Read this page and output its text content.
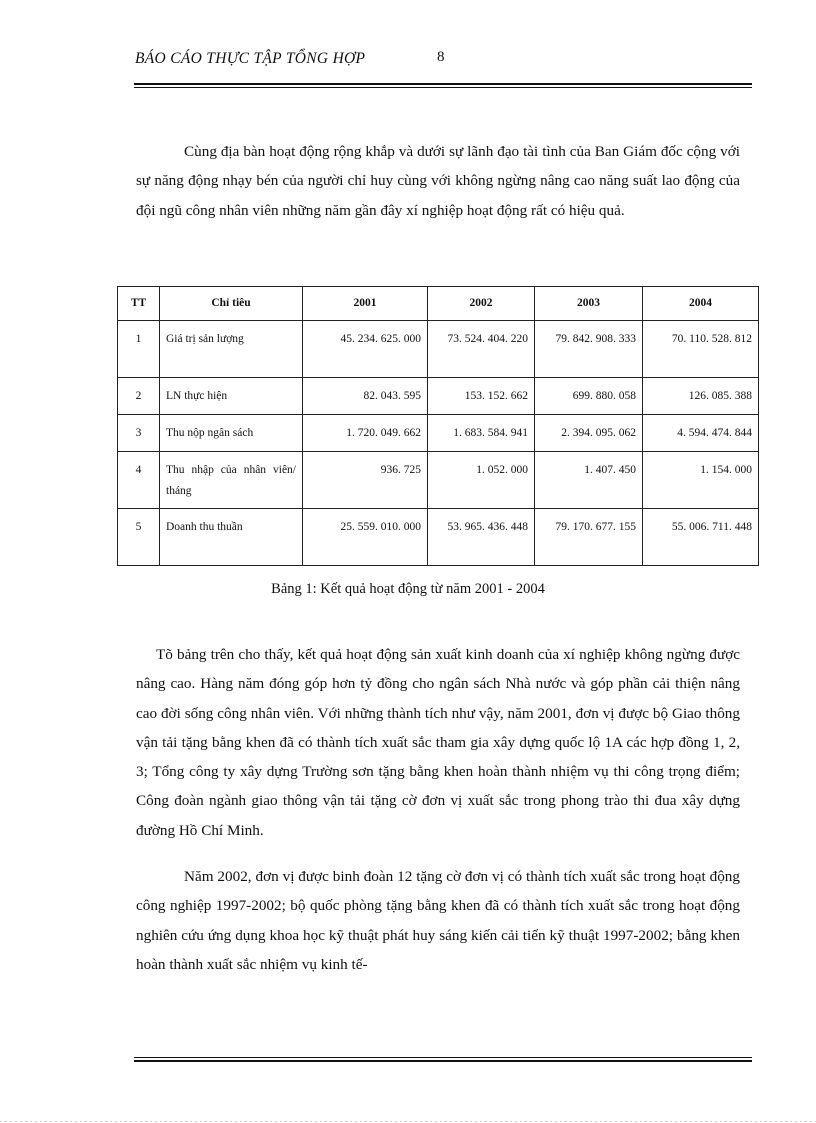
BÁO CÁO THỰC TẬP TỔNG HỢP	8

Cùng địa bàn hoạt động rộng khắp và dưới sự lãnh đạo tài tình của Ban Giám đốc cộng với sự năng động nhạy bén của người chỉ huy cùng với không ngừng nâng cao năng suất lao động của đội ngũ công nhân viên những năm gần đây xí nghiệp hoạt động rất có hiệu quả.

TT	Chỉ tiêu	2001	2002	2003	2004
1	Giá trị sản lượng	45. 234. 625. 000	73. 524. 404. 220	79. 842. 908. 333	70. 110. 528. 812
2	LN thực hiện	82. 043. 595	153. 152. 662	699. 880. 058	126. 085. 388
3	Thu nộp ngân sách	1. 720. 049. 662	1. 683. 584. 941	2. 394. 095. 062	4. 594. 474. 844
4	Thu nhập của nhân viên/ tháng	936. 725	1. 052. 000	1. 407. 450	1. 154. 000
5	Doanh thu thuần	25. 559. 010. 000	53. 965. 436. 448	79. 170. 677. 155	55. 006. 711. 448
Bảng 1: Kết quả hoạt động từ năm 2001 - 2004

Tõ bảng trên cho thấy, kết quả hoạt động sản xuất kinh doanh của xí nghiệp không ngừng được nâng cao. Hàng năm đóng góp hơn tỷ đồng cho ngân sách Nhà nước và góp phần cải thiện nâng cao đời sống công nhân viên. Với những thành tích như vậy, năm 2001, đơn vị được bộ Giao thông vận tải tặng bằng khen đã có thành tích xuất sắc tham gia xây dựng quốc lộ 1A các hợp đồng 1, 2, 3; Tổng công ty xây dựng Trường sơn tặng bằng khen hoàn thành nhiệm vụ thi công trọng điểm; Công đoàn ngành giao thông vận tải tặng cờ đơn vị xuất sắc trong phong trào thi đua xây dựng đường Hồ Chí Minh.

Năm 2002, đơn vị được binh đoàn 12 tặng cờ đơn vị có thành tích xuất sắc trong hoạt động công nghiệp 1997-2002; bộ quốc phòng tặng bằng khen đã có thành tích xuất sắc trong hoạt động nghiên cứu ứng dụng khoa học kỹ thuật phát huy sáng kiến cải tiến kỹ thuật 1997-2002; bằng khen hoàn thành xuất sắc nhiệm vụ kinh tế-
